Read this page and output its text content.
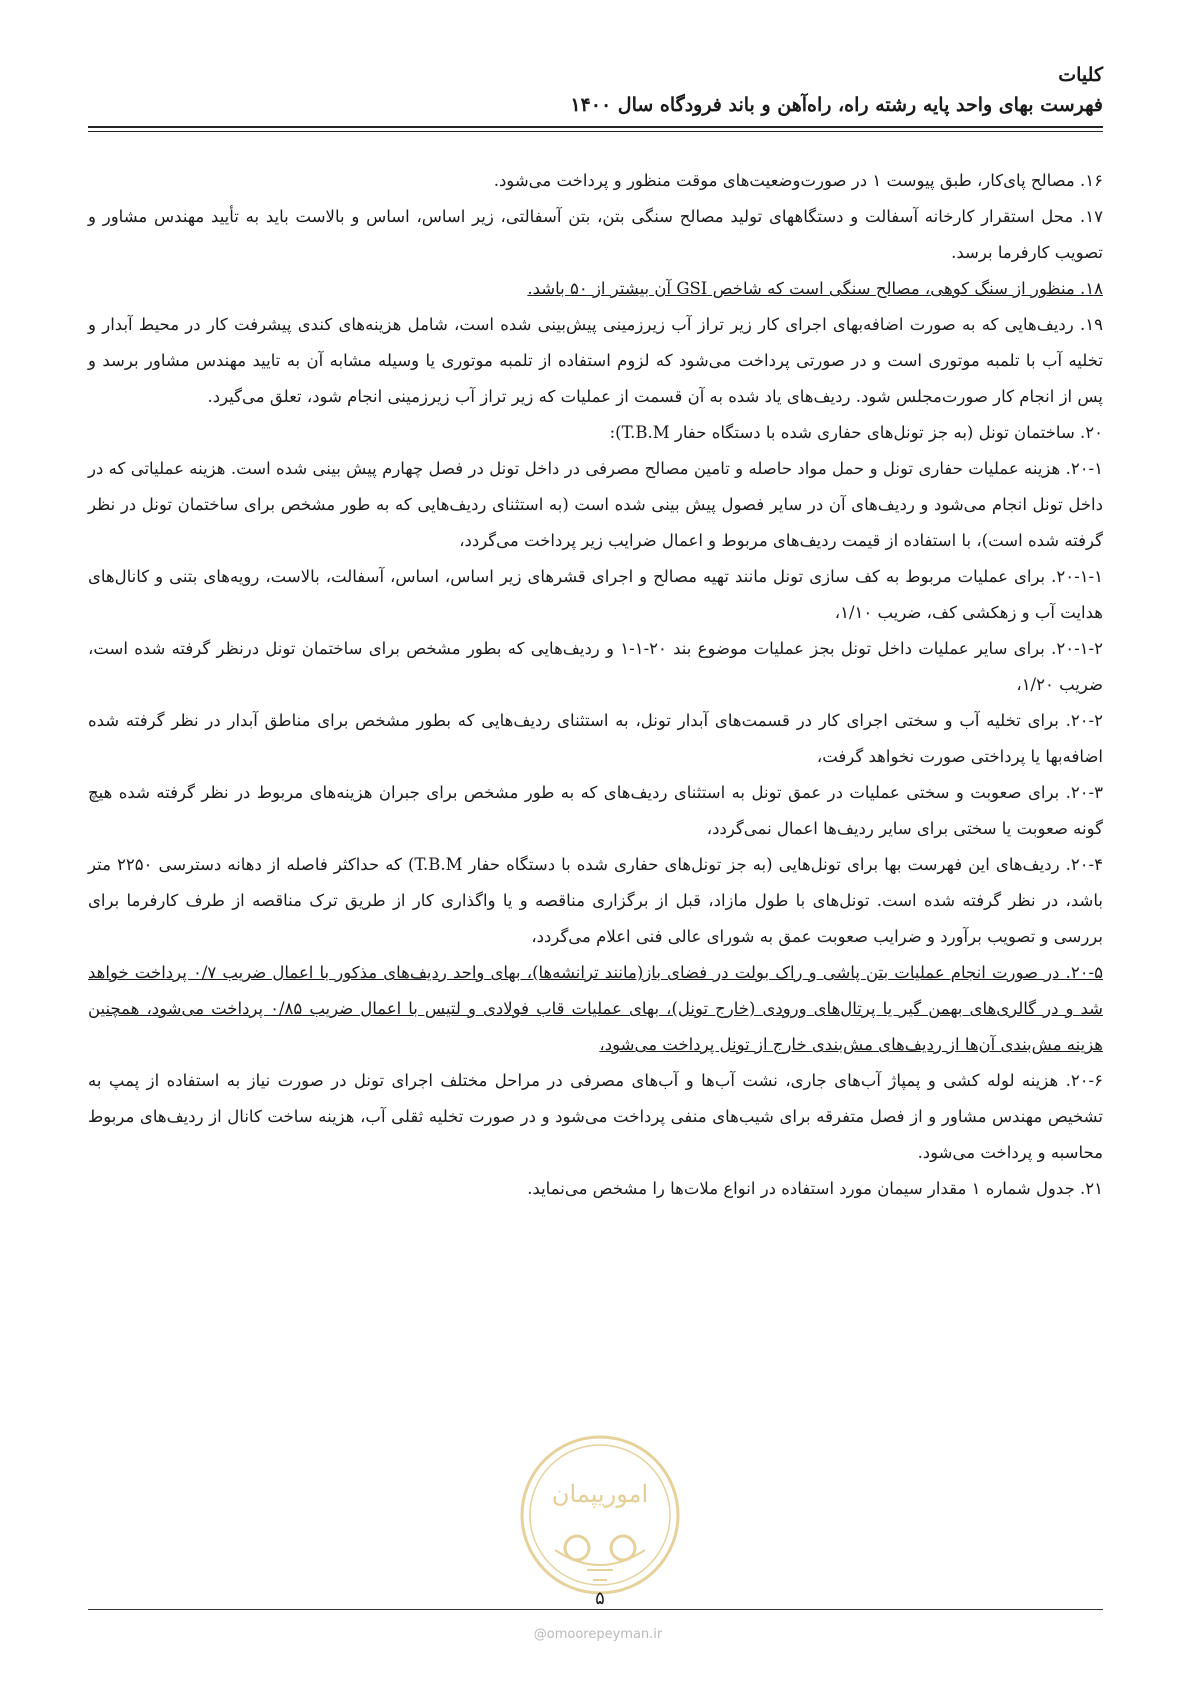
کلیات
فهرست بهای واحد پایه رشته راه، راه‌آهن و باند فرودگاه سال ۱۴۰۰

۱۶. مصالح پای‌کار، طبق پیوست ۱ در صورت‌وضعیت‌های موقت منظور و پرداخت می‌شود.

۱۷. محل استقرار کارخانه آسفالت و دستگاههای تولید مصالح سنگی بتن، بتن آسفالتی، زیر اساس، اساس و بالاست باید به تأیید مهندس مشاور و تصویب کارفرما برسد.

۱۸. منظور از سنگ کوهی، مصالح سنگی است که شاخص GSI آن بیشتر از ۵۰ باشد.

۱۹. ردیف‌هایی که به صورت اضافه‌بهای اجرای کار زیر تراز آب زیرزمینی پیش‌بینی شده است، شامل هزینه‌های کندی پیشرفت کار در محیط آبدار و تخلیه آب با تلمبه موتوری است و در صورتی پرداخت می‌شود که لزوم استفاده از تلمبه موتوری یا وسیله مشابه آن به تایید مهندس مشاور برسد و پس از انجام کار صورت‌مجلس شود. ردیف‌های یاد شده به آن قسمت از عملیات که زیر تراز آب زیرزمینی انجام شود، تعلق می‌گیرد.

۲۰. ساختمان تونل (به جز تونل‌های حفاری شده با دستگاه حفار T.B.M):

۲۰-۱. هزینه عملیات حفاری تونل و حمل مواد حاصله و تامین مصالح مصرفی در داخل تونل در فصل چهارم پیش بینی شده است. هزینه عملیاتی که در داخل تونل انجام می‌شود و ردیف‌های آن در سایر فصول پیش بینی شده است (به استثنای ردیف‌هایی که به طور مشخص برای ساختمان تونل در نظر گرفته شده است)، با استفاده از قیمت ردیف‌های مربوط و اعمال ضرایب زیر پرداخت می‌گردد،

۲۰-۱-۱. برای عملیات مربوط به کف سازی تونل مانند تهیه مصالح و اجرای قشرهای زیر اساس، اساس، آسفالت، بالاست، رویه‌های بتنی و کانال‌های هدایت آب و زهکشی کف، ضریب ۱/۱۰،

۲۰-۱-۲. برای سایر عملیات داخل تونل بجز عملیات موضوع بند ۲۰-۱-۱ و ردیف‌هایی که بطور مشخص برای ساختمان تونل درنظر گرفته شده است، ضریب ۱/۲۰،

۲۰-۲. برای تخلیه آب و سختی اجرای کار در قسمت‌های آبدار تونل، به استثنای ردیف‌هایی که بطور مشخص برای مناطق آبدار در نظر گرفته شده اضافه‌بها یا پرداختی صورت نخواهد گرفت،

۲۰-۳. برای صعوبت و سختی عملیات در عمق تونل به استثنای ردیف‌های که به طور مشخص برای جبران هزینه‌های مربوط در نظر گرفته شده هیچ گونه صعوبت یا سختی برای سایر ردیف‌ها اعمال نمی‌گردد،

۲۰-۴. ردیف‌های این فهرست بها برای تونل‌هایی (به جز تونل‌های حفاری شده با دستگاه حفار T.B.M) که حداکثر فاصله از دهانه دسترسی ۲۲۵۰ متر باشد، در نظر گرفته شده است. تونل‌های با طول مازاد، قبل از برگزاری مناقصه و یا واگذاری کار از طریق ترک مناقصه از طرف کارفرما برای بررسی و تصویب برآورد و ضرایب صعوبت عمق به شورای عالی فنی اعلام می‌گردد،

۲۰-۵. در صورت انجام عملیات بتن پاشی و راک بولت در فضای باز(مانند ترانشه‌ها)، بهای واحد ردیف‌های مذکور با اعمال ضریب ۰/۷ پرداخت خواهد شد و در گالری‌های بهمن گیر یا پرتال‌های ورودی (خارج تونل)، بهای عملیات قاب فولادی و لتیس با اعمال ضریب ۰/۸۵ پرداخت می‌شود، همچنین هزینه مش‌بندی آن‌ها از ردیف‌های مش‌بندی خارج از تونل پرداخت می‌شود،

۲۰-۶. هزینه لوله کشی و پمپاژ آب‌های جاری، نشت آب‌ها و آب‌های مصرفی در مراحل مختلف اجرای تونل در صورت نیاز به استفاده از پمپ به تشخیص مهندس مشاور و از فصل متفرقه برای شیب‌های منفی پرداخت می‌شود و در صورت تخلیه ثقلی آب، هزینه ساخت کانال از ردیف‌های مربوط محاسبه و پرداخت می‌شود.

۲۱. جدول شماره ۱ مقدار سیمان مورد استفاده در انواع ملات‌ها را مشخص می‌نماید.

اموریپمان
۵
@omoorepeyman.ir
